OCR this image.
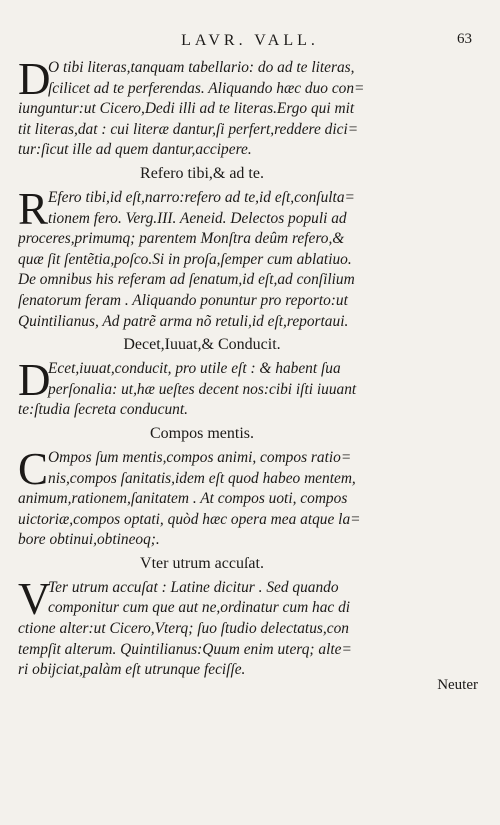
LAVR. VALL.	63
D
O tibi literas,tanquam tabellario: do ad te literas,
ſcilicet ad te perferendas. Aliquando hæc duo con=
iunguntur:ut Cicero,Dedi illi ad te literas.Ergo qui mit
tit literas,dat : cui literæ dantur,ſi perfert,reddere dici=
tur:ſicut ille ad quem dantur,accipere.
Refero tibi,& ad te.
R Efero tibi,id eſt,narro:refero ad te,id eſt,conſulta=
tionem fero. Verg.III. Aeneid. Delectos populi ad
proceres,primumq; parentem Monſtra deûm refero,&
quæ ſit ſentẽtia,poſco.Si in proſa,ſemper cum ablatiuo.
De omnibus his referam ad ſenatum,id eſt,ad conſilium
ſenatorum feram . Aliquando ponuntur pro reporto:ut
Quintilianus, Ad patrẽ arma nõ retuli,id eſt,reportaui.
Decet,Iuuat,& Conducit.
D
Ecet,iuuat,conducit, pro utile eſt : & habent ſua
perſonalia: ut,hæ ueſtes decent nos:cibi iſti iuuant
te:ſtudia ſecreta conducunt.
Compos mentis.
C Ompos ſum mentis,compos animi, compos ratio=
nis,compos ſanitatis,idem eſt quod habeo mentem,
animum,rationem,ſanitatem . At compos uoti, compos
uictoriæ,compos optati, quòd hæc opera mea atque la=
bore obtinui,obtineoq;.
Vter utrum accuſat.
V
Ter utrum accuſat : Latine dicitur . Sed quando
componitur cum que aut ne,ordinatur cum hac di
ctione alter:ut Cicero,Vterq; ſuo ſtudio delectatus,con
tempſit alterum. Quintilianus:Quum enim uterq; alte=
ri obijciat,palàm eſt utrunque feciſſe.
Neuter
